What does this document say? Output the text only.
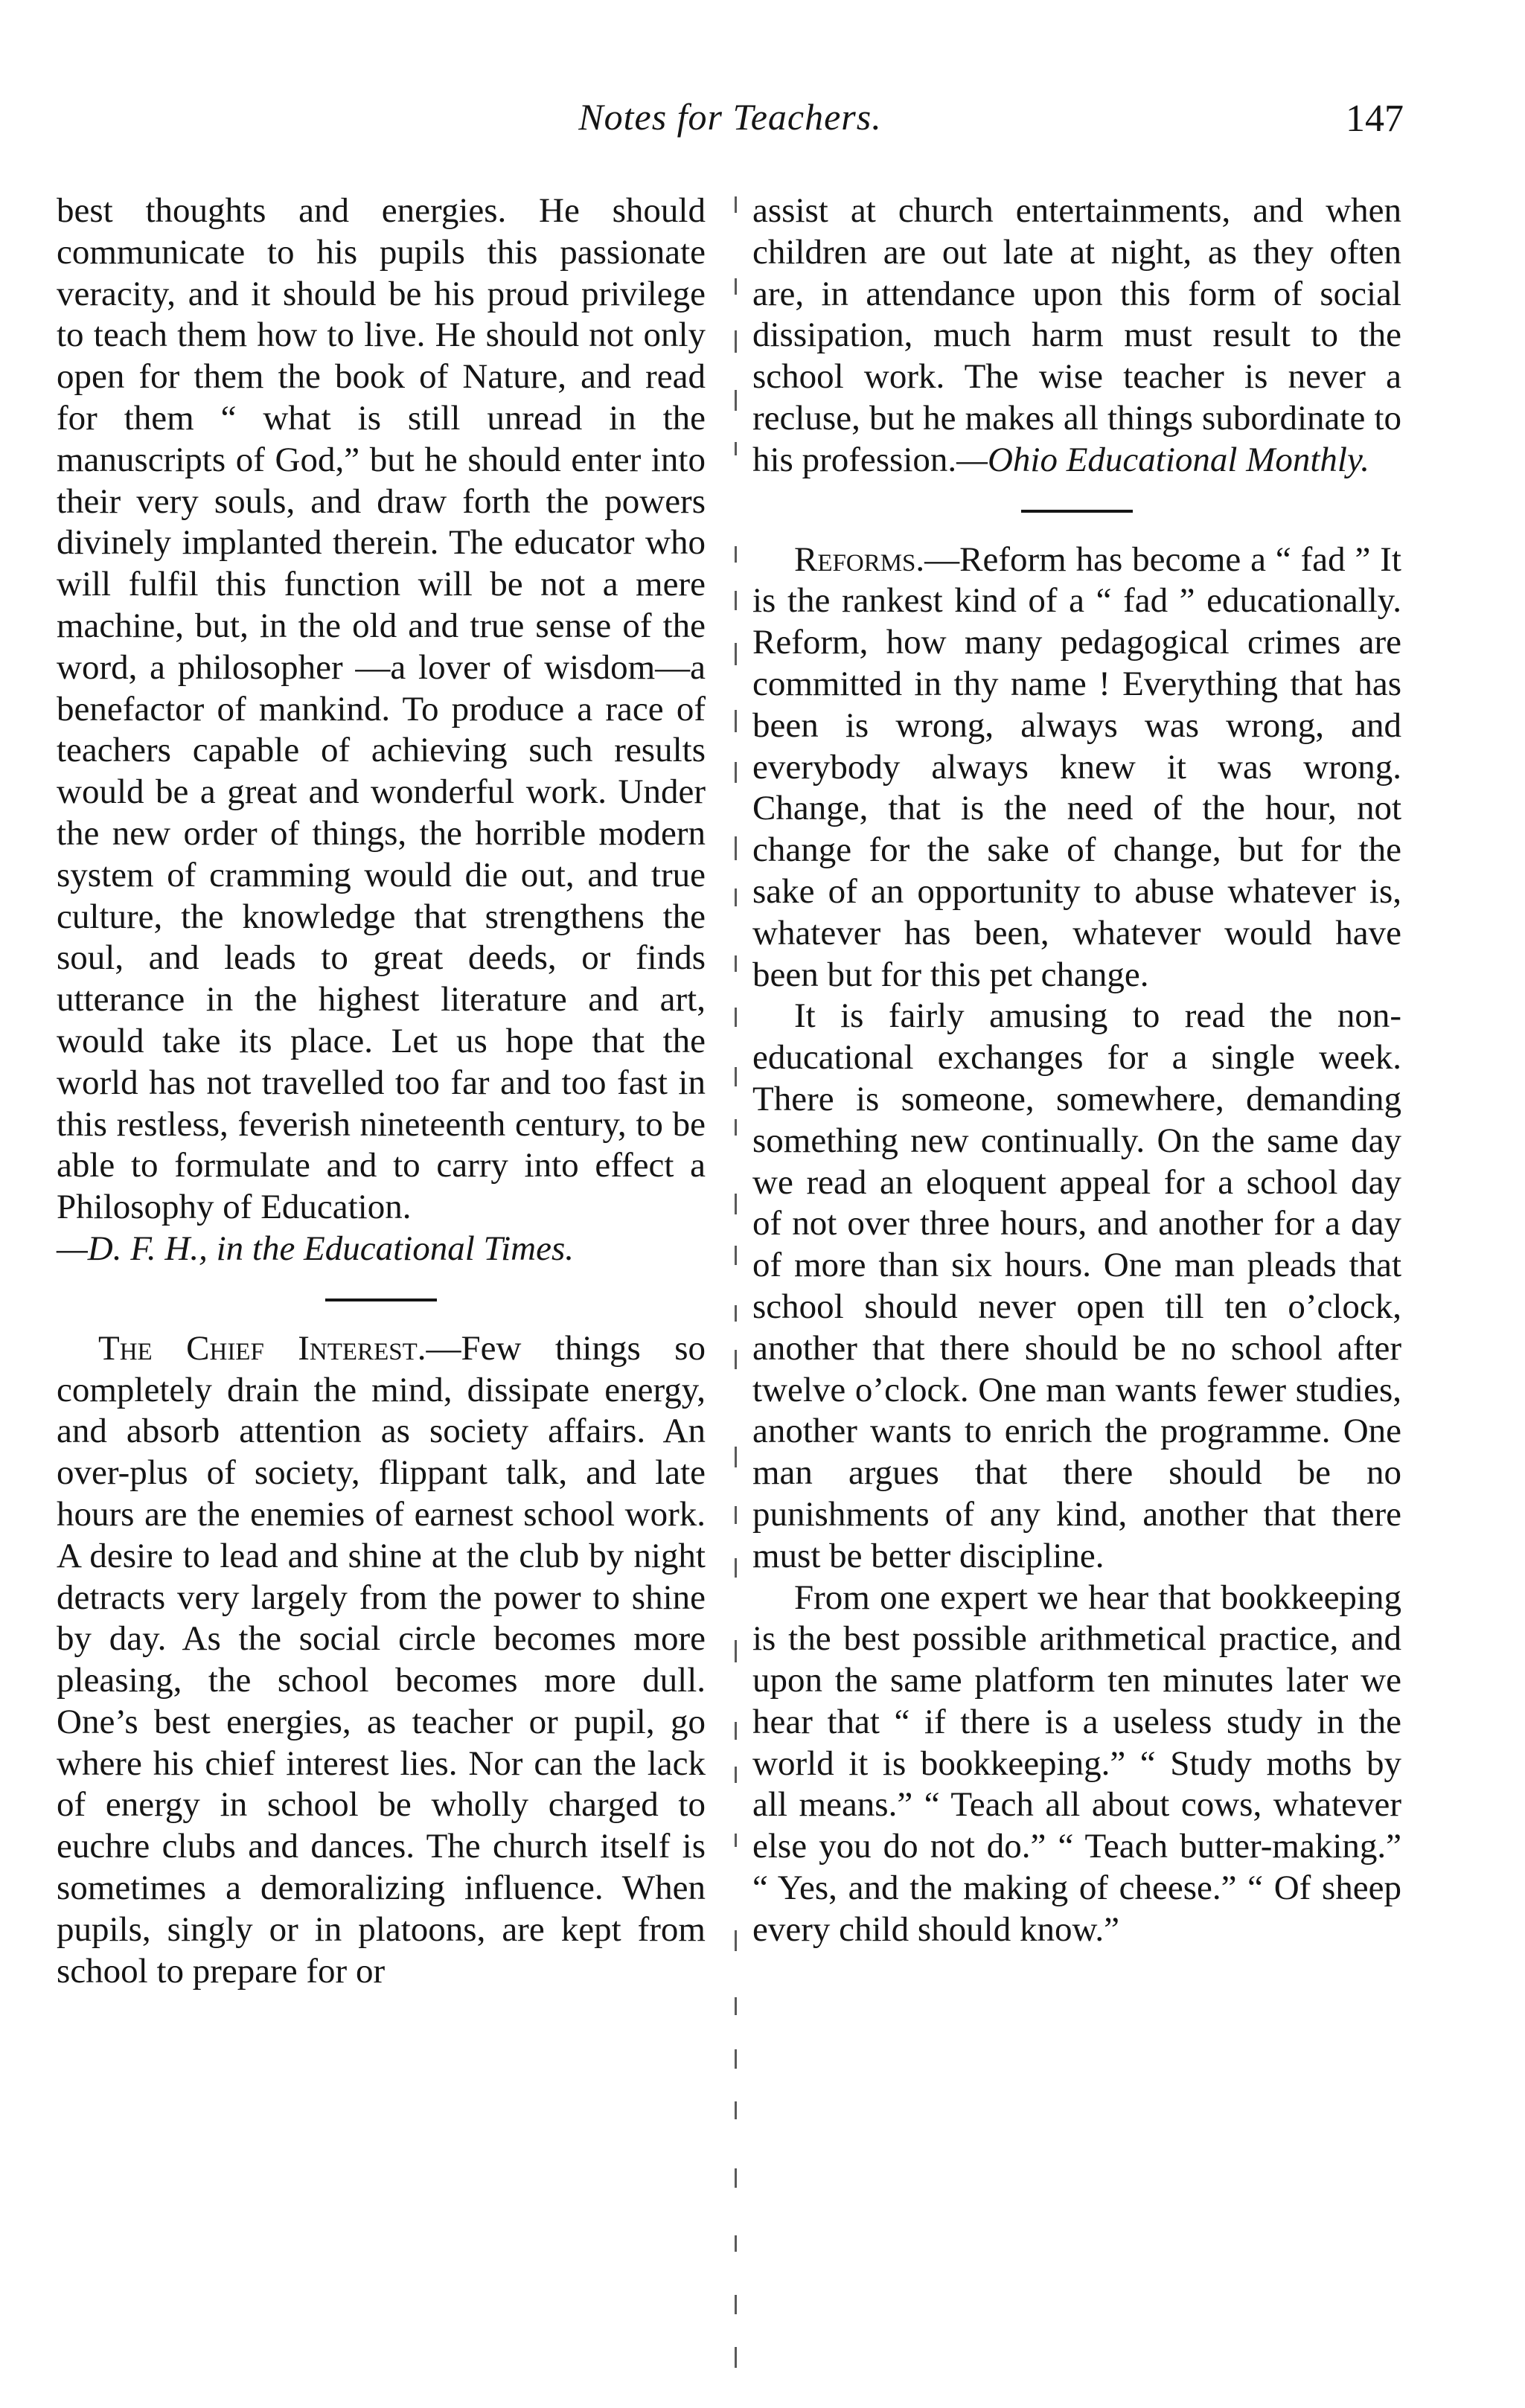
Notes for Teachers.	147

best thoughts and energies. He should communicate to his pupils this passionate veracity, and it should be his proud privilege to teach them how to live. He should not only open for them the book of Nature, and read for them “ what is still unread in the manuscripts of God,” but he should enter into their very souls, and draw forth the powers divinely implanted therein. The educator who will fulfil this function will be not a mere machine, but, in the old and true sense of the word, a philosopher —a lover of wisdom—a benefactor of mankind. To produce a race of teachers capable of achieving such results would be a great and wonderful work. Under the new order of things, the horrible modern system of cramming would die out, and true culture, the knowledge that strengthens the soul, and leads to great deeds, or finds utterance in the highest literature and art, would take its place. Let us hope that the world has not travelled too far and too fast in this restless, feverish nineteenth century, to be able to formulate and to carry into effect a Philosophy of Education.

—D. F. H., in the Educational Times.

The Chief Interest.—Few things so completely drain the mind, dissipate energy, and absorb attention as society affairs. An over-plus of society, flippant talk, and late hours are the enemies of earnest school work. A desire to lead and shine at the club by night detracts very largely from the power to shine by day. As the social circle becomes more pleasing, the school becomes more dull. One’s best energies, as teacher or pupil, go where his chief interest lies. Nor can the lack of energy in school be wholly charged to euchre clubs and dances. The church itself is sometimes a demoralizing influence. When pupils, singly or in platoons, are kept from school to prepare for or

assist at church entertainments, and when children are out late at night, as they often are, in attendance upon this form of social dissipation, much harm must result to the school work. The wise teacher is never a recluse, but he makes all things subordinate to his profession.—Ohio Educational Monthly.

Reforms.—Reform has become a “ fad ” It is the rankest kind of a “ fad ” educationally. Reform, how many pedagogical crimes are committed in thy name ! Everything that has been is wrong, always was wrong, and everybody always knew it was wrong. Change, that is the need of the hour, not change for the sake of change, but for the sake of an opportunity to abuse whatever is, whatever has been, whatever would have been but for this pet change.

It is fairly amusing to read the non-educational exchanges for a single week. There is someone, somewhere, demanding something new continually. On the same day we read an eloquent appeal for a school day of not over three hours, and another for a day of more than six hours. One man pleads that school should never open till ten o’clock, another that there should be no school after twelve o’clock. One man wants fewer studies, another wants to enrich the programme. One man argues that there should be no punishments of any kind, another that there must be better discipline.

From one expert we hear that bookkeeping is the best possible arithmetical practice, and upon the same platform ten minutes later we hear that “ if there is a useless study in the world it is bookkeeping.” “ Study moths by all means.” “ Teach all about cows, whatever else you do not do.” “ Teach butter-making.” “ Yes, and the making of cheese.” “ Of sheep every child should know.”
